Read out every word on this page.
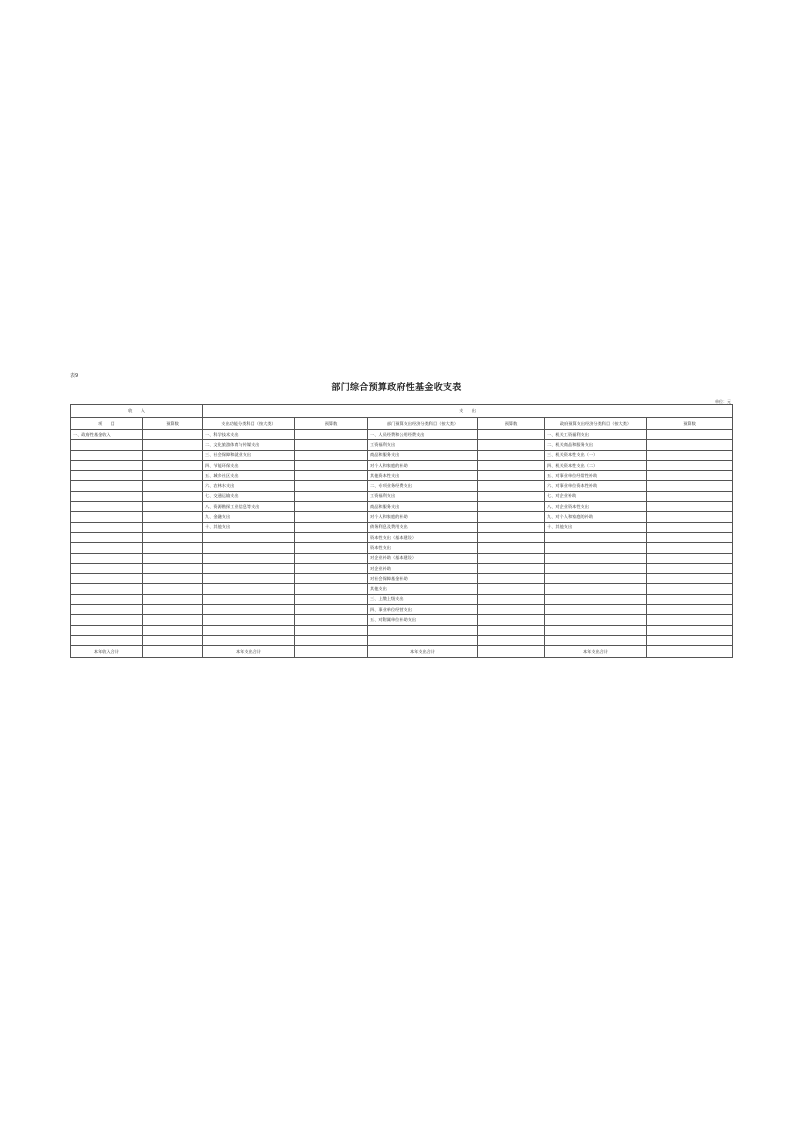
表9
部门综合预算政府性基金收支表
单位：元
收　　入		支　　出					
项　　目	预算数	支出功能分类科目（按大类）	预算数	部门预算支出经济分类科目（按大类）	预算数	政府预算支出经济分类科目（按大类）	预算数
一、政府性基金收入		一、科学技术支出		一、人员经费和公用经费支出		一、机关工资福利支出	
		二、文化旅游体育与传媒支出		工资福利支出		二、机关商品和服务支出	
		三、社会保障和就业支出		商品和服务支出		三、机关资本性支出（一）	
		四、节能环保支出		对个人和家庭的补助		四、机关资本性支出（二）	
		五、城乡社区支出		其他资本性支出		五、对事业单位经常性补助	
		六、农林水支出		二、专项业务经费支出		六、对事业单位资本性补助	
		七、交通运输支出		工资福利支出		七、对企业补助	
		八、资源勘探工业信息等支出		商品和服务支出		八、对企业资本性支出	
		九、金融支出		对个人和家庭的补助		九、对个人和家庭的补助	
		十、其他支出		债务利息及费用支出		十、其他支出	
				资本性支出（基本建设）			
				资本性支出			
				对企业补助（基本建设）			
				对企业补助			
				对社会保障基金补助			
				其他支出			
				三、上缴上级支出			
				四、事业单位经营支出			
				五、对附属单位补助支出			

本年收入合计		本年支出合计		本年支出合计		本年支出合计	
